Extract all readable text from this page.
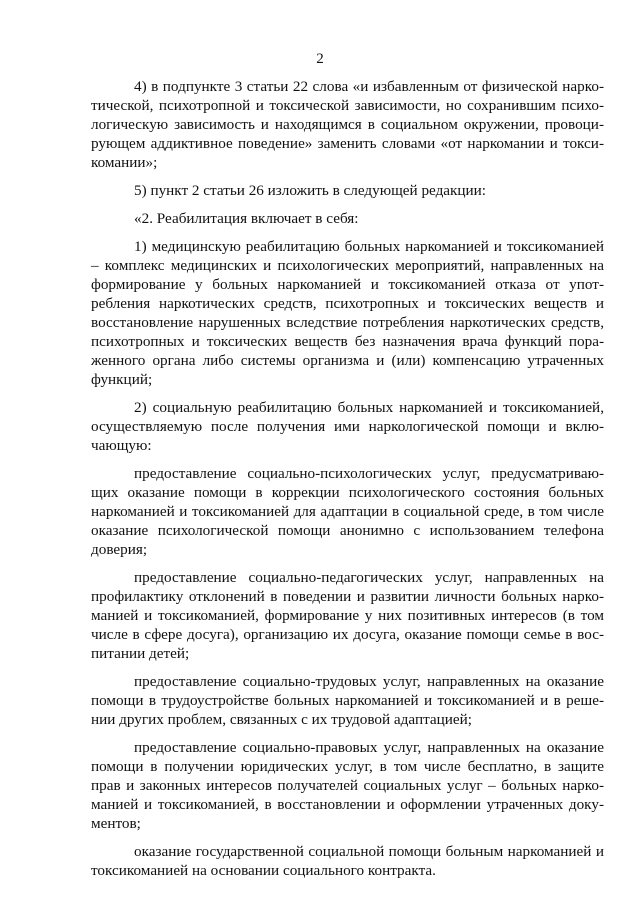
2

4) в подпункте 3 статьи 22 слова «и избавленным от физической наркотической, психотропной и токсической зависимости, но сохранившим психологическую зависимость и находящимся в социальном окружении, провоцирующем аддиктивное поведение» заменить словами «от наркомании и токсикомании»;

5) пункт 2 статьи 26 изложить в следующей редакции:

«2. Реабилитация включает в себя:

1) медицинскую реабилитацию больных наркоманией и токсикоманией – комплекс медицинских и психологических мероприятий, направленных на формирование у больных наркоманией и токсикоманией отказа от употребления наркотических средств, психотропных и токсических веществ и восстановление нарушенных вследствие потребления наркотических средств, психотропных и токсических веществ без назначения врача функций пораженного органа либо системы организма и (или) компенсацию утраченных функций;

2) социальную реабилитацию больных наркоманией и токсикоманией, осуществляемую после получения ими наркологической помощи и включающую:

предоставление социально-психологических услуг, предусматривающих оказание помощи в коррекции психологического состояния больных наркоманией и токсикоманией для адаптации в социальной среде, в том числе оказание психологической помощи анонимно с использованием телефона доверия;

предоставление социально-педагогических услуг, направленных на профилактику отклонений в поведении и развитии личности больных наркоманией и токсикоманией, формирование у них позитивных интересов (в том числе в сфере досуга), организацию их досуга, оказание помощи семье в воспитании детей;

предоставление социально-трудовых услуг, направленных на оказание помощи в трудоустройстве больных наркоманией и токсикоманией и в решении других проблем, связанных с их трудовой адаптацией;

предоставление социально-правовых услуг, направленных на оказание помощи в получении юридических услуг, в том числе бесплатно, в защите прав и законных интересов получателей социальных услуг – больных наркоманией и токсикоманией, в восстановлении и оформлении утраченных документов;

оказание государственной социальной помощи больным наркоманией и токсикоманией на основании социального контракта.
